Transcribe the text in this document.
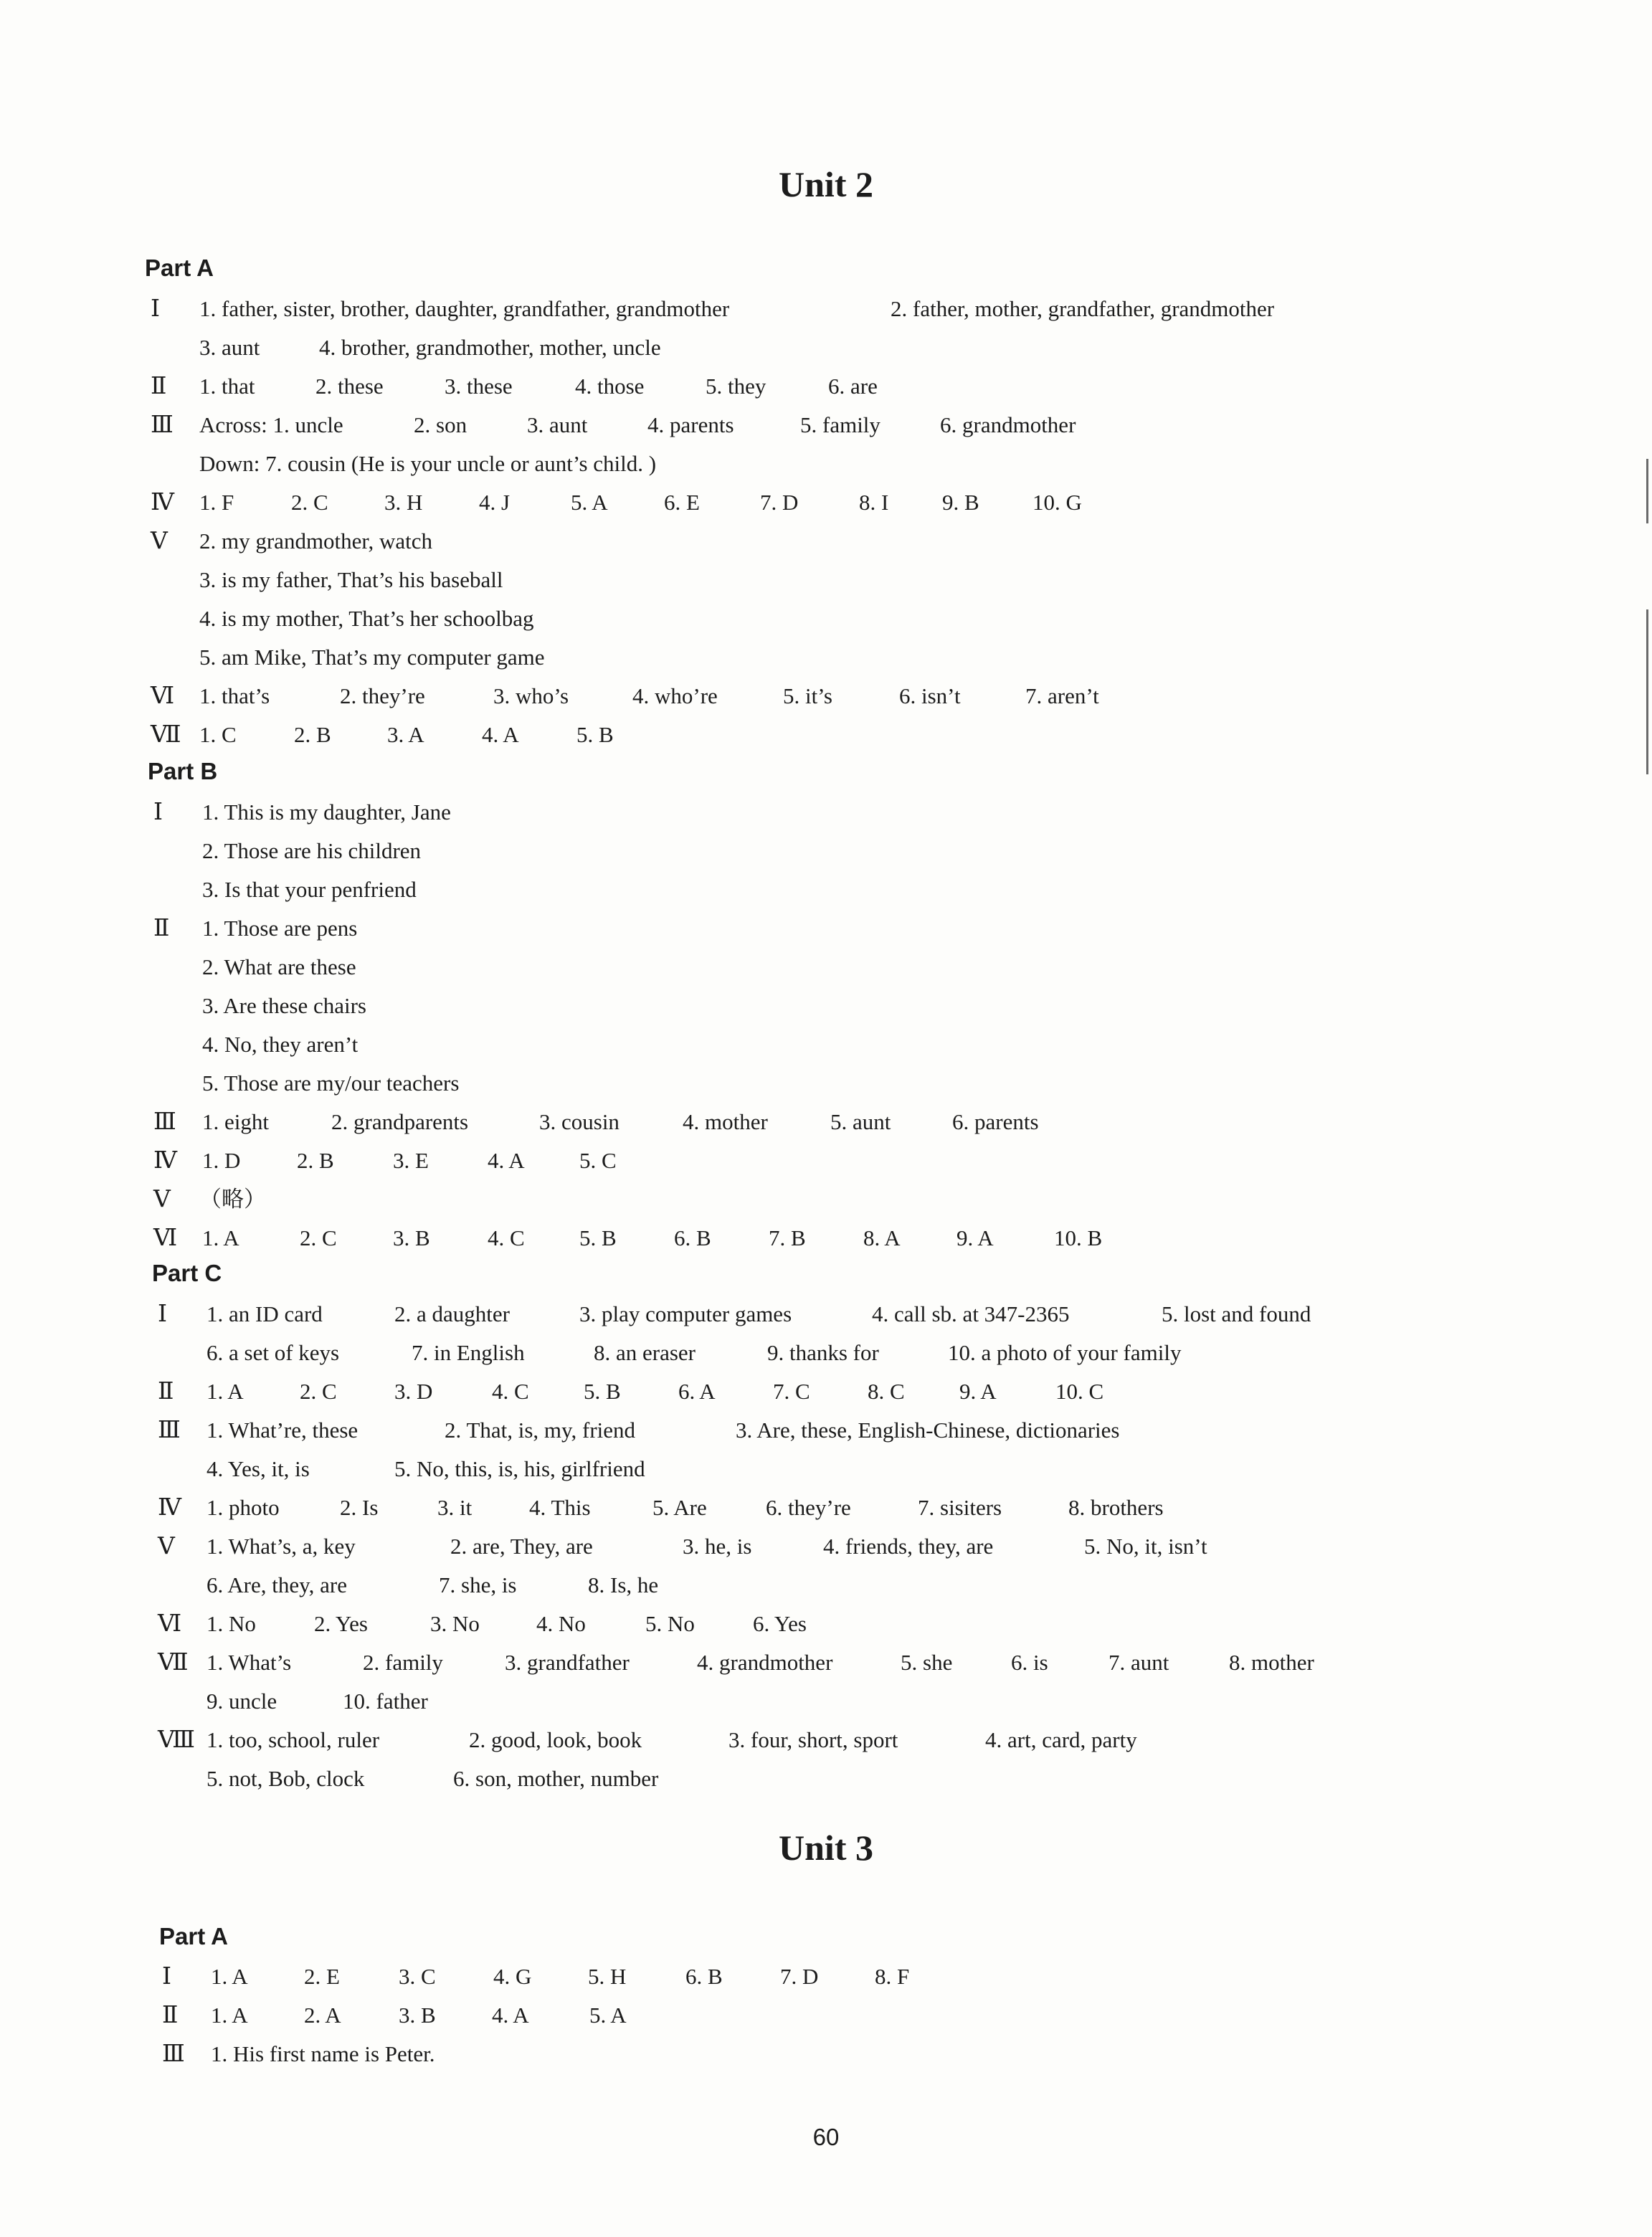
Unit 2
Part A
Ⅰ 1. father, sister, brother, daughter, grandfather, grandmother	2. father, mother, grandfather, grandmother
3. aunt	4. brother, grandmother, mother, uncle
Ⅱ 1. that	2. these	3. these	4. those	5. they	6. are
Ⅲ Across: 1. uncle	2. son	3. aunt	4. parents	5. family	6. grandmother
Down: 7. cousin (He is your uncle or aunt’s child. )
Ⅳ 1. F	2. C	3. H	4. J	5. A	6. E	7. D	8. I 9. B 10. G
Ⅴ 2. my grandmother, watch
3. is my father, That’s his baseball
4. is my mother, That’s her schoolbag
5. am Mike, That’s my computer game
Ⅵ 1. that’s	2. they’re	3. who’s	4. who’re	5. it’s	6. isn’t	7. aren’t
Ⅶ 1. C	2. B	3. A	4. A	5. B
Part B
Ⅰ 1. This is my daughter, Jane
2. Those are his children
3. Is that your penfriend
Ⅱ 1. Those are pens
2. What are these
3. Are these chairs
4. No, they aren’t
5. Those are my/our teachers
Ⅲ 1. eight	2. grandparents	3. cousin	4. mother	5. aunt	6. parents
Ⅳ 1. D	2. B	3. E	4. A 5. C
Ⅴ （略）
Ⅵ 1. A	2. C	3. B	4. C 5. B	6. B	7. B	8. A	9. A	10. B
Part C
Ⅰ 1. an ID card	2. a daughter	3. play computer games	4. call sb. at 347-2365	5. lost and found
6. a set of keys	7. in English	8. an eraser	9. thanks for	10. a photo of your family
Ⅱ 1. A	2. C	3. D	4. C 5. B	6. A	7. C	8. C 9. A	10. C
Ⅲ 1. What’re, these	2. That, is, my, friend	3. Are, these, English-Chinese, dictionaries
4. Yes, it, is	5. No, this, is, his, girlfriend
Ⅳ 1. photo	2. Is	3. it	4. This	5. Are	6. they’re	7. sisiters	8. brothers
Ⅴ 1. What’s, a, key	2. are, They, are	3. he, is	4. friends, they, are	5. No, it, isn’t
6. Are, they, are	7. she, is	8. Is, he
Ⅵ 1. No	2. Yes	3. No	4. No	5. No	6. Yes
Ⅶ 1. What’s	2. family	3. grandfather	4. grandmother	5. she	6. is	7. aunt	8. mother
9. uncle	10. father
Ⅷ 1. too, school, ruler	2. good, look, book	3. four, short, sport	4. art, card, party
5. not, Bob, clock	6. son, mother, number
Unit 3
Part A
Ⅰ 1. A	2. E	3. C	4. G	5. H	6. B	7. D	8. F
Ⅱ 1. A	2. A	3. B	4. A	5. A
Ⅲ 1. His first name is Peter.
60
